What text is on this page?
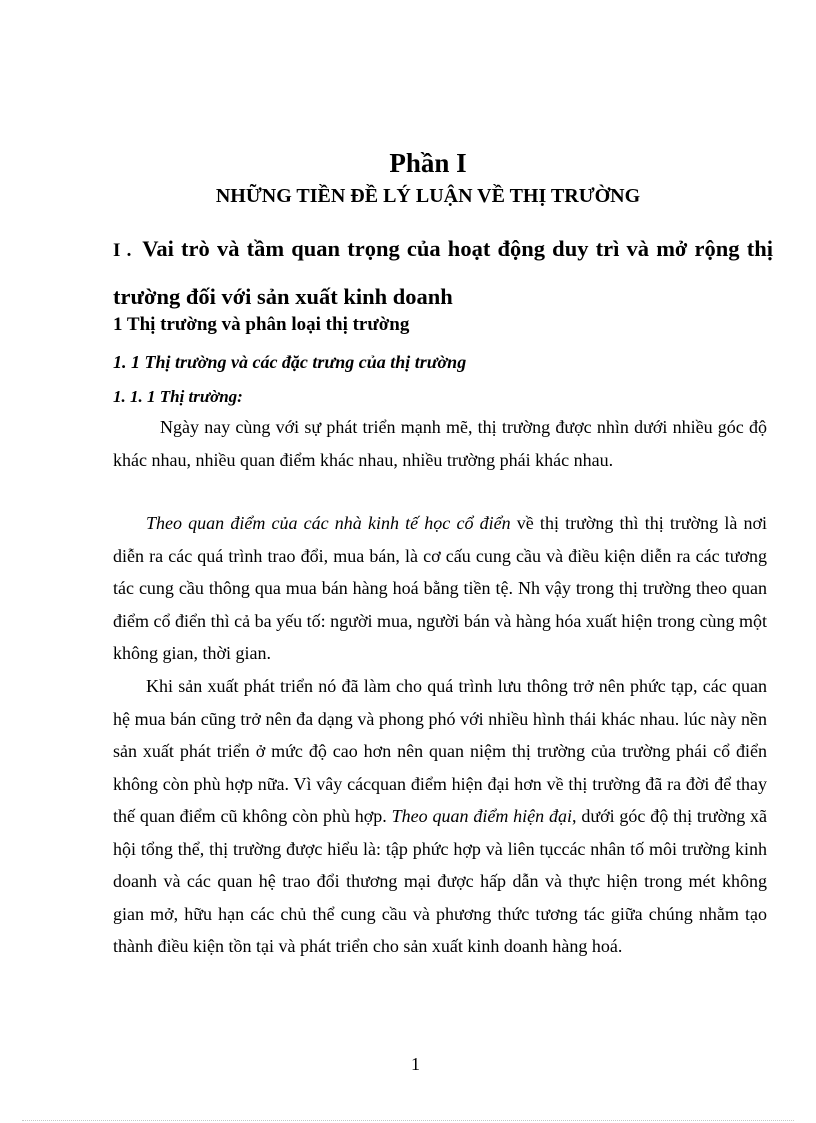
Phần I
NHỮNG TIỀN ĐỀ LÝ LUẬN VỀ THỊ TRƯỜNG
I . Vai trò và tầm quan trọng của hoạt động duy trì và mở rộng thị trường đối với sản xuất kinh doanh
1 Thị trường và phân loại thị trường
1. 1 Thị trường và các đặc trưng của thị trường
1. 1. 1 Thị trường:
Ngày nay cùng với sự phát triển mạnh mẽ, thị trường được nhìn dưới nhiều góc độ khác nhau, nhiều quan điểm khác nhau, nhiều trường phái khác nhau.
Theo quan điểm của các nhà kinh tế học cổ điển về thị trường thì thị trường là nơi diễn ra các quá trình trao đổi, mua bán, là cơ cấu cung cầu và điều kiện diễn ra các tương tác cung cầu thông qua mua bán hàng hoá bằng tiền tệ. Nh vậy trong thị trường theo quan điểm cổ điển thì cả ba yếu tố: người mua, người bán và hàng hóa xuất hiện trong cùng một không gian, thời gian.
Khi sản xuất phát triển nó đã làm cho quá trình lưu thông trở nên phức tạp, các quan hệ mua bán cũng trở nên đa dạng và phong phó với nhiều hình thái khác nhau. lúc này nền sản xuất phát triển ở mức độ cao hơn nên quan niệm thị trường của trường phái cổ điển không còn phù hợp nữa. Vì vây cácquan điểm hiện đại hơn về thị trường đã ra đời để thay thế quan điểm cũ không còn phù hợp. Theo quan điểm hiện đại, dưới góc độ thị trường xã hội tổng thể, thị trường được hiểu là: tập phức hợp và liên tụccác nhân tố môi trường kinh doanh và các quan hệ trao đổi thương mại được hấp dẫn và thực hiện trong mét không gian mở, hữu hạn các chủ thể cung cầu và phương thức tương tác giữa chúng nhằm tạo thành điều kiện tồn tại và phát triển cho sản xuất kinh doanh hàng hoá.
1
